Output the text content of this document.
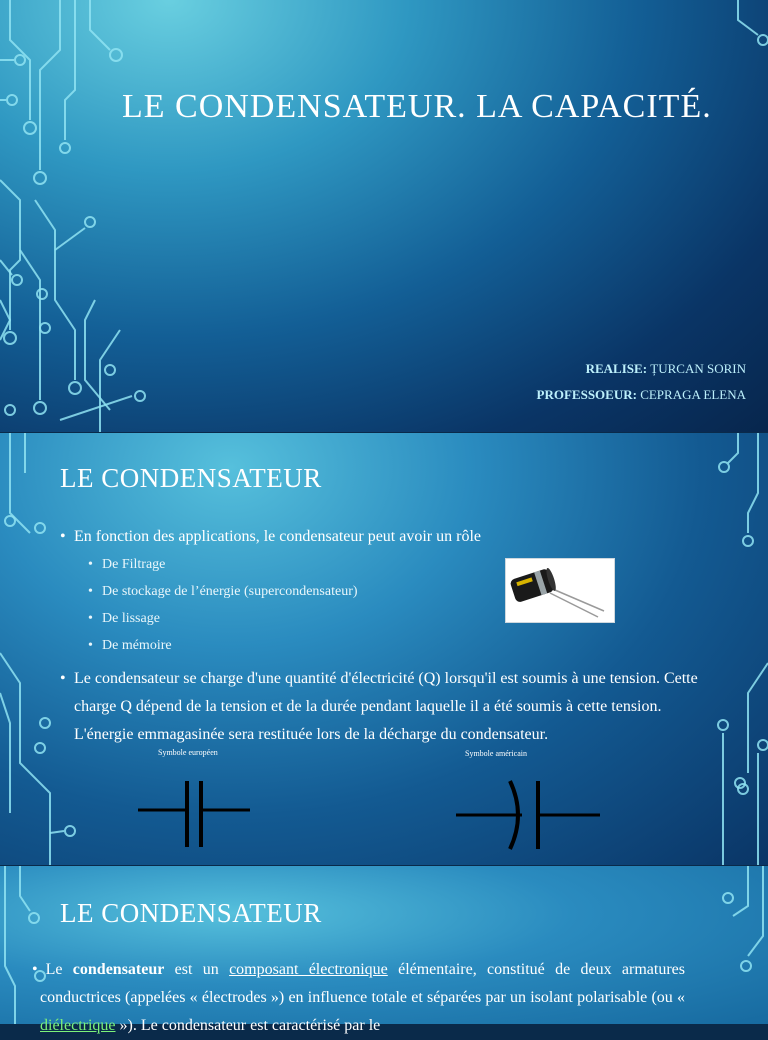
LE CONDENSATEUR. LA CAPACITÉ.
REALISE: ȚURCAN SORIN
PROFESSOEUR: CEPRAGA ELENA
LE CONDENSATEUR
• En fonction des applications, le condensateur peut avoir un rôle
• De Filtrage
• De stockage de l’énergie (supercondensateur)
• De lissage
• De mémoire
• Le condensateur se charge d'une quantité d'électricité (Q) lorsqu'il est soumis à une tension. Cette charge Q dépend de la tension et de la durée pendant laquelle il a été soumis à cette tension. L'énergie emmagasinée sera restituée lors de la décharge du condensateur.
Symbole européen	Symbole américain
LE CONDENSATEUR
• Le condensateur est un composant électronique élémentaire, constitué de deux armatures conductrices (appelées « électrodes ») en influence totale et séparées par un isolant polarisable (ou « diélectrique »). Le condensateur est caractérisé par le
